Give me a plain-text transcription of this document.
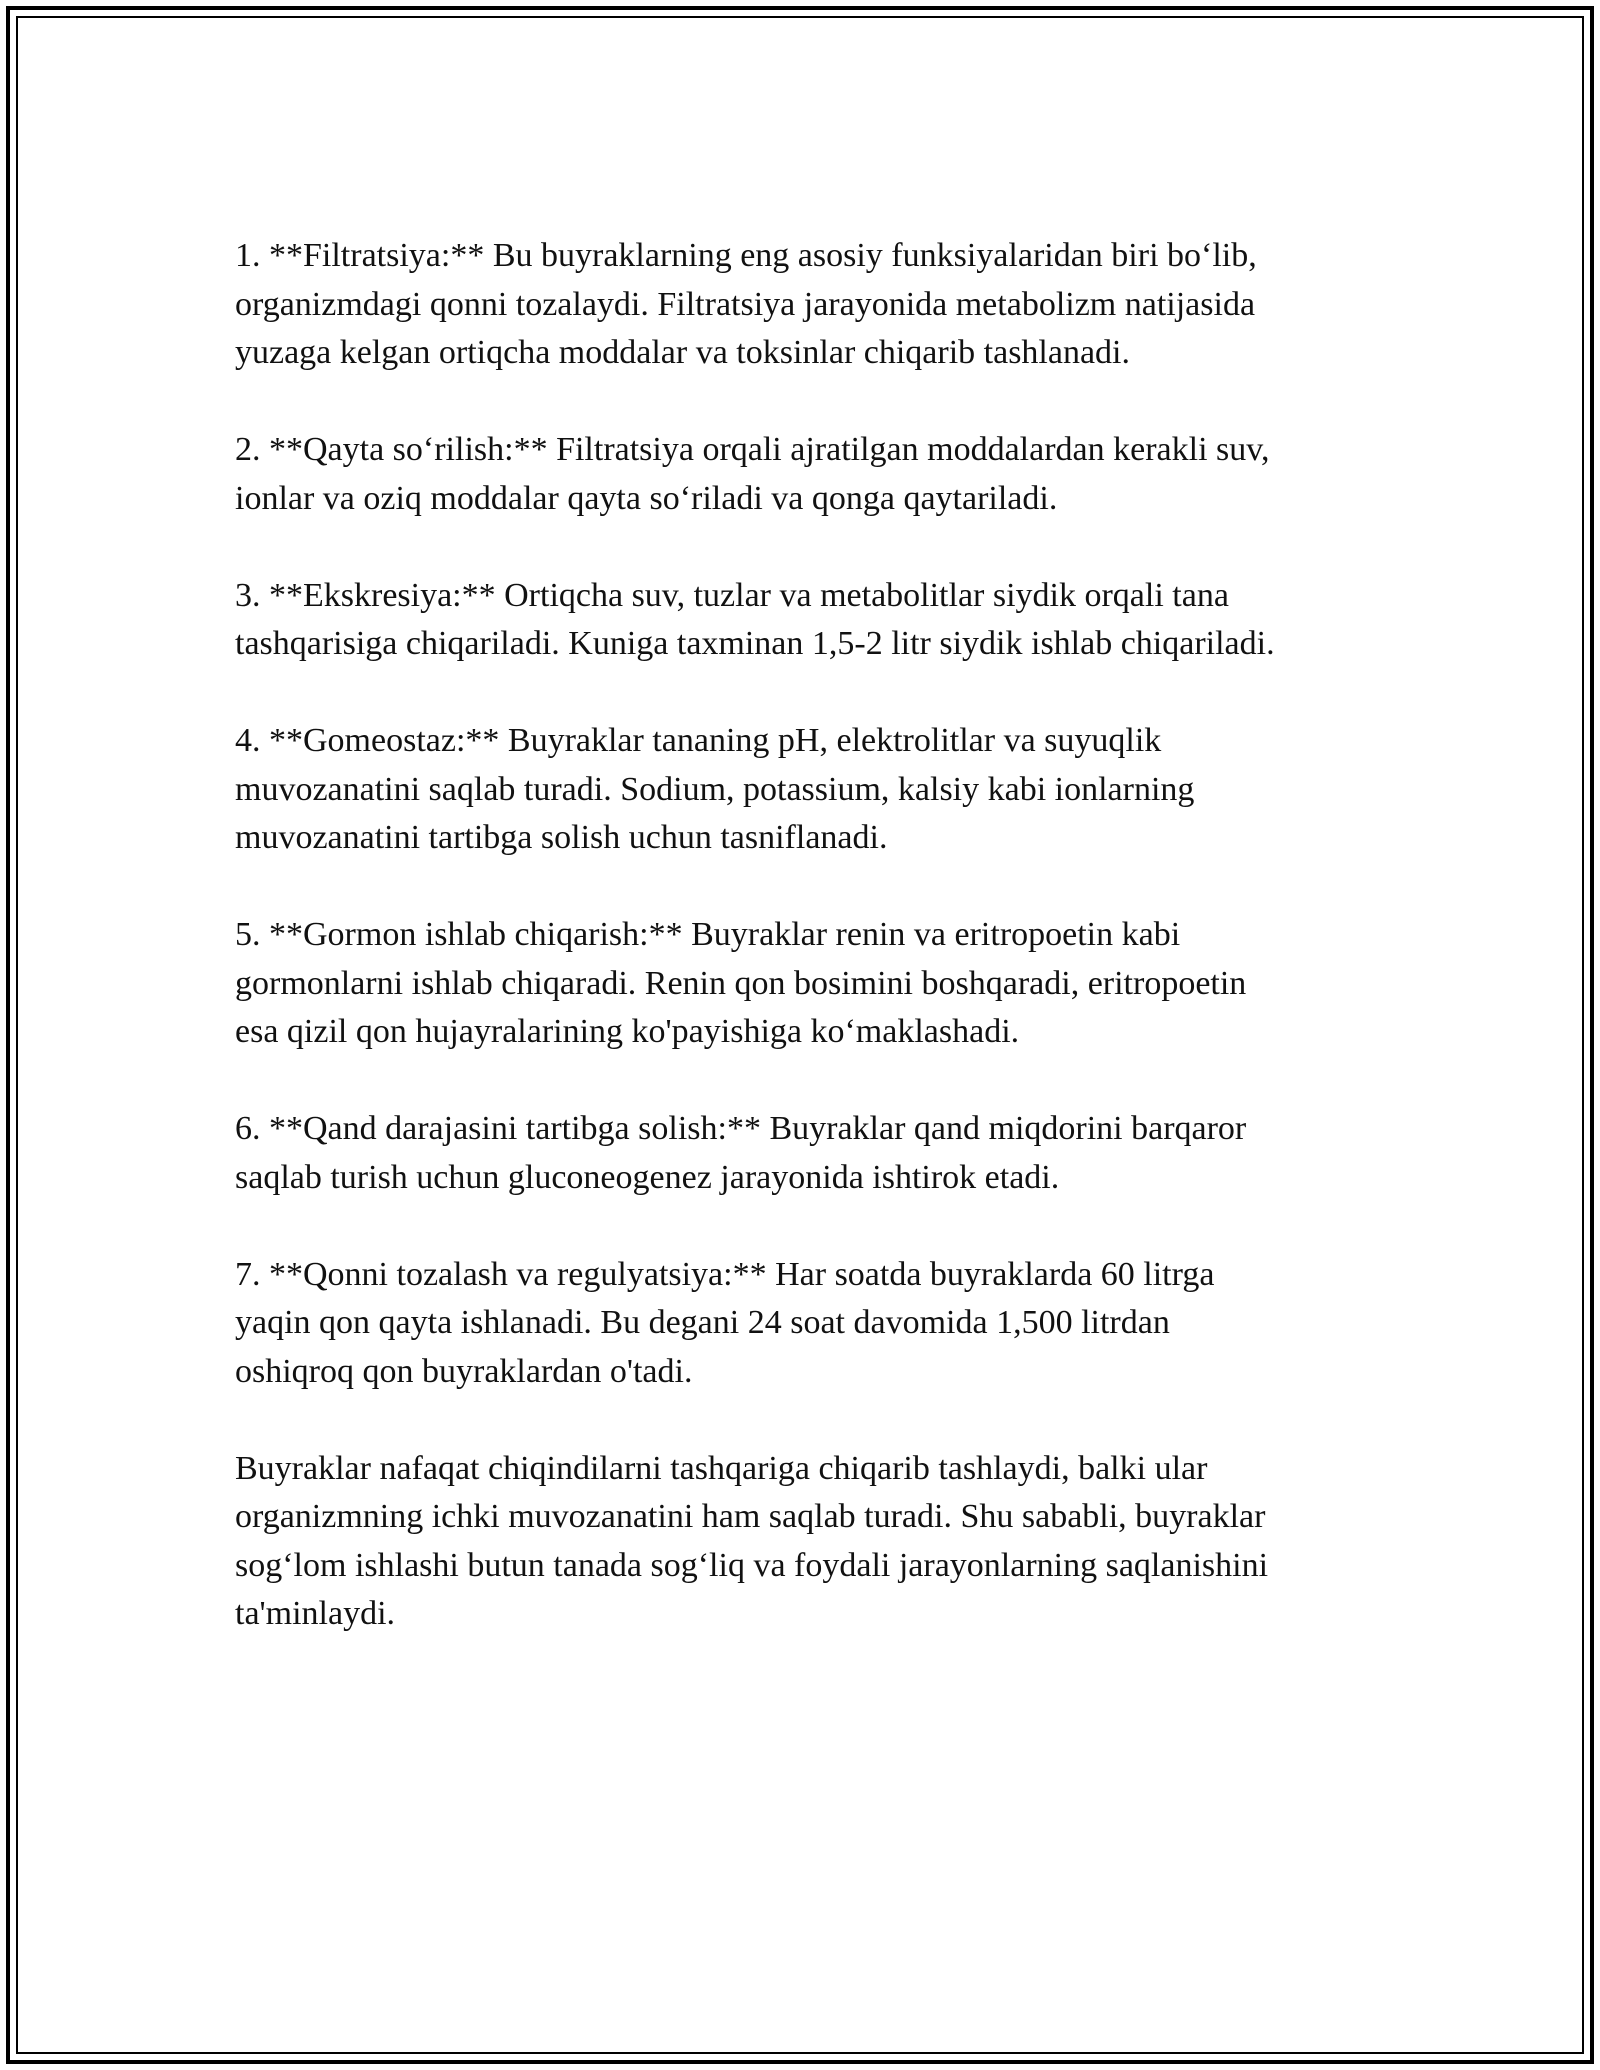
1. **Filtratsiya:** Bu buyraklarning eng asosiy funksiyalaridan biri bo‘lib,
organizmdagi qonni tozalaydi. Filtratsiya jarayonida metabolizm natijasida
yuzaga kelgan ortiqcha moddalar va toksinlar chiqarib tashlanadi.

2. **Qayta so‘rilish:** Filtratsiya orqali ajratilgan moddalardan kerakli suv,
ionlar va oziq moddalar qayta so‘riladi va qonga qaytariladi.

3. **Ekskresiya:** Ortiqcha suv, tuzlar va metabolitlar siydik orqali tana
tashqarisiga chiqariladi. Kuniga taxminan 1,5-2 litr siydik ishlab chiqariladi.

4. **Gomeostaz:** Buyraklar tananing pH, elektrolitlar va suyuqlik
muvozanatini saqlab turadi. Sodium, potassium, kalsiy kabi ionlarning
muvozanatini tartibga solish uchun tasniflanadi.

5. **Gormon ishlab chiqarish:** Buyraklar renin va eritropoetin kabi
gormonlarni ishlab chiqaradi. Renin qon bosimini boshqaradi, eritropoetin
esa qizil qon hujayralarining ko'payishiga ko‘maklashadi.

6. **Qand darajasini tartibga solish:** Buyraklar qand miqdorini barqaror
saqlab turish uchun gluconeogenez jarayonida ishtirok etadi.

7. **Qonni tozalash va regulyatsiya:** Har soatda buyraklarda 60 litrga
yaqin qon qayta ishlanadi. Bu degani 24 soat davomida 1,500 litrdan
oshiqroq qon buyraklardan o'tadi.

Buyraklar nafaqat chiqindilarni tashqariga chiqarib tashlaydi, balki ular
organizmning ichki muvozanatini ham saqlab turadi. Shu sababli, buyraklar
sog‘lom ishlashi butun tanada sog‘liq va foydali jarayonlarning saqlanishini
ta'minlaydi.
